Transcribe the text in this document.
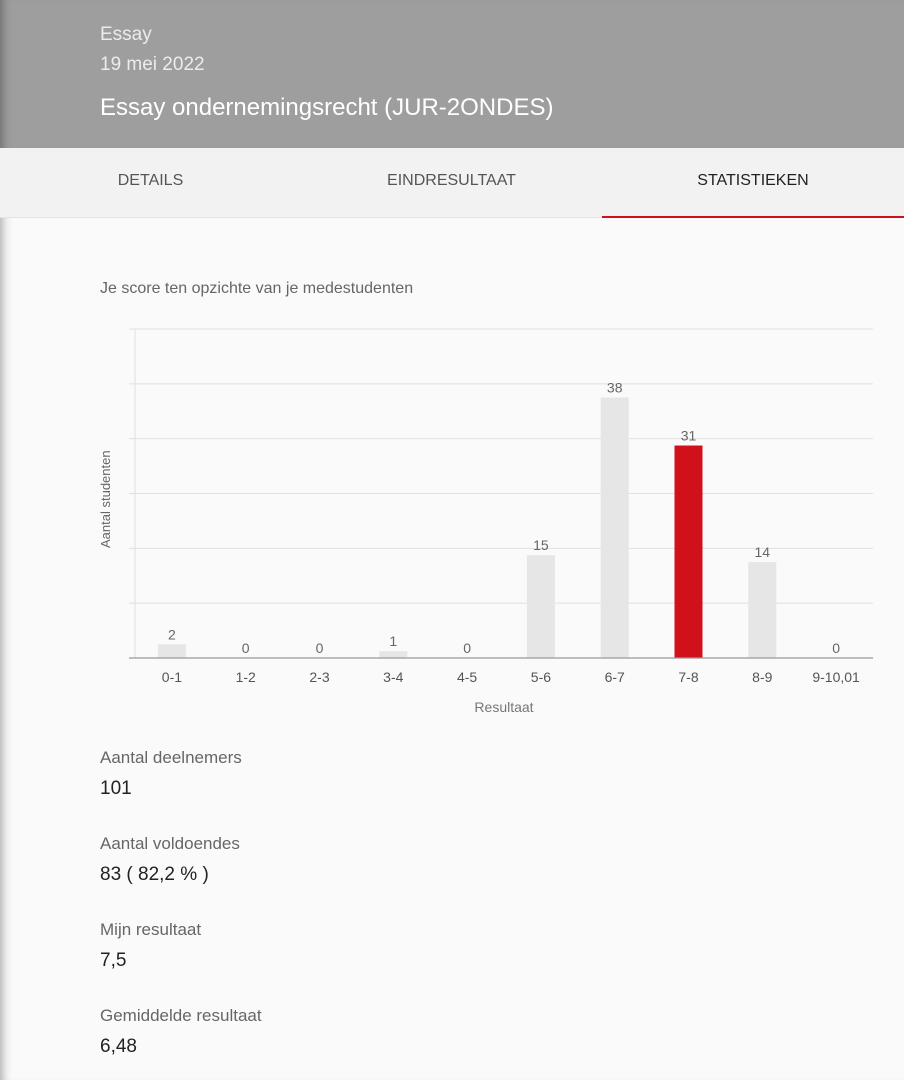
Essay
19 mei 2022
Essay ondernemingsrecht (JUR-2ONDES)
DETAILS	EINDRESULTAAT	STATISTIEKEN
Je score ten opzichte van je medestudenten
2
0-1
0
1-2
0
2-3
1
3-4
0
4-5
15
5-6
38
6-7
31
7-8
14
8-9
0
9-10,01
Resultaat
Aantal studenten
Aantal deelnemers
101
Aantal voldoendes
83 ( 82,2 % )
Mijn resultaat
7,5
Gemiddelde resultaat
6,48
